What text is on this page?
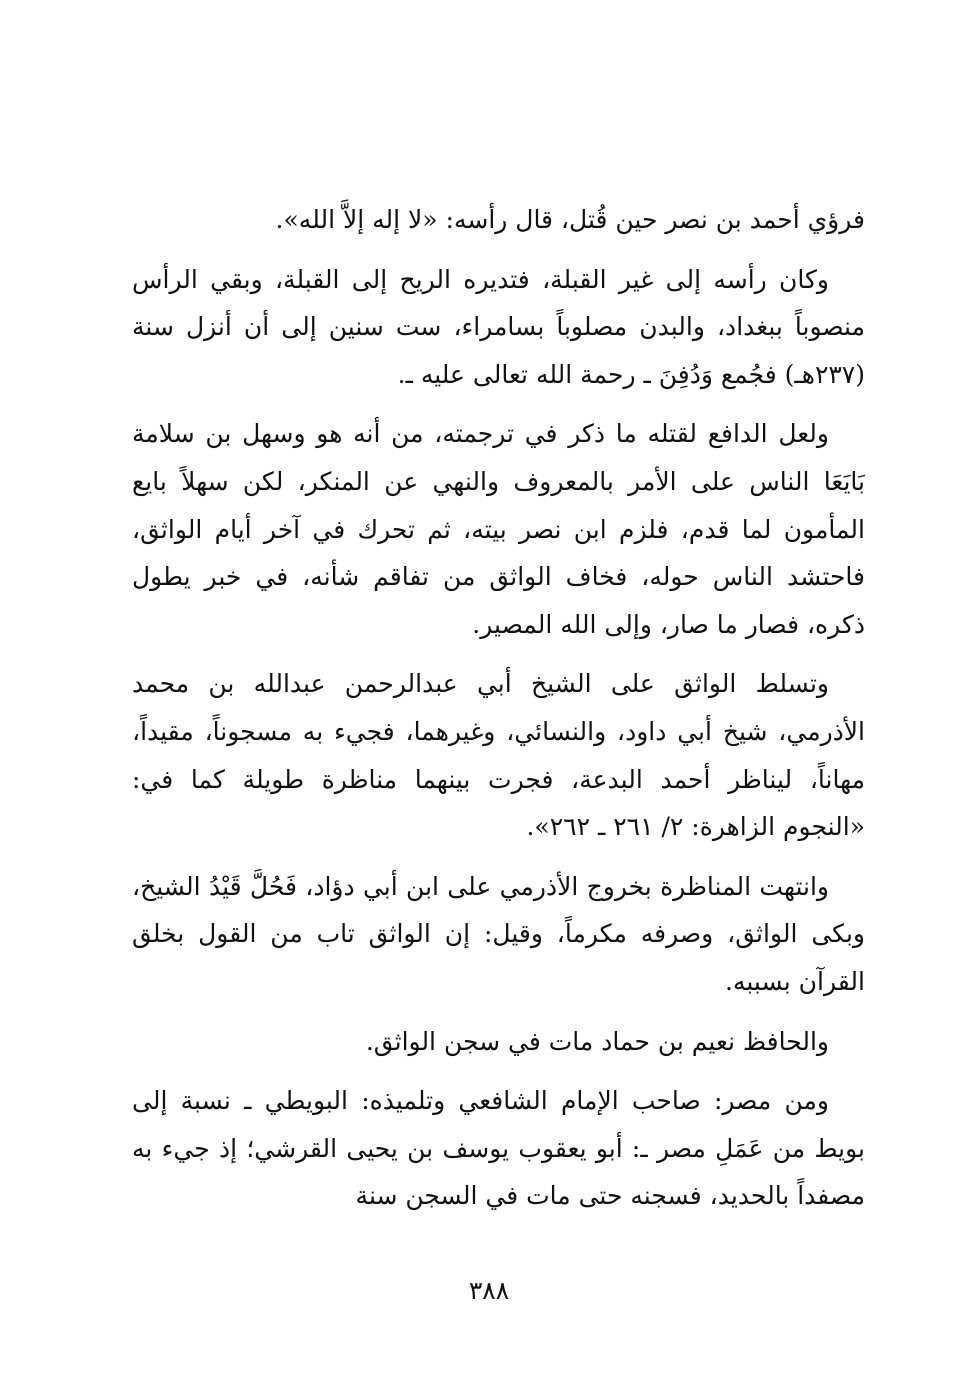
فرؤي أحمد بن نصر حين قُتل، قال رأسه: «لا إله إلاَّ الله».

وكان رأسه إلى غير القبلة، فتديره الريح إلى القبلة، وبقي الرأس منصوباً ببغداد، والبدن مصلوباً بسامراء، ست سنين إلى أن أنزل سنة (٢٣٧هـ) فجُمع وَدُفِنَ ـ رحمة الله تعالى عليه ـ.

ولعل الدافع لقتله ما ذكر في ترجمته، من أنه هو وسهل بن سلامة بَايَعَا الناس على الأمر بالمعروف والنهي عن المنكر، لكن سهلاً بايع المأمون لما قدم، فلزم ابن نصر بيته، ثم تحرك في آخر أيام الواثق، فاحتشد الناس حوله، فخاف الواثق من تفاقم شأنه، في خبر يطول ذكره، فصار ما صار، وإلى الله المصير.

وتسلط الواثق على الشيخ أبي عبدالرحمن عبدالله بن محمد الأذرمي، شيخ أبي داود، والنسائي، وغيرهما، فجيء به مسجوناً، مقيداً، مهاناً، ليناظر أحمد البدعة، فجرت بينهما مناظرة طويلة كما في: «النجوم الزاهرة: ٢/ ٢٦١ ـ ٢٦٢».

وانتهت المناظرة بخروج الأذرمي على ابن أبي دؤاد، فَحُلَّ قَيْدُ الشيخ، وبكى الواثق، وصرفه مكرماً، وقيل: إن الواثق تاب من القول بخلق القرآن بسببه.

والحافظ نعيم بن حماد مات في سجن الواثق.

ومن مصر: صاحب الإمام الشافعي وتلميذه: البويطي ـ نسبة إلى بويط من عَمَلِ مصر ـ: أبو يعقوب يوسف بن يحيى القرشي؛ إذ جيء به مصفداً بالحديد، فسجنه حتى مات في السجن سنة

٣٨٨
